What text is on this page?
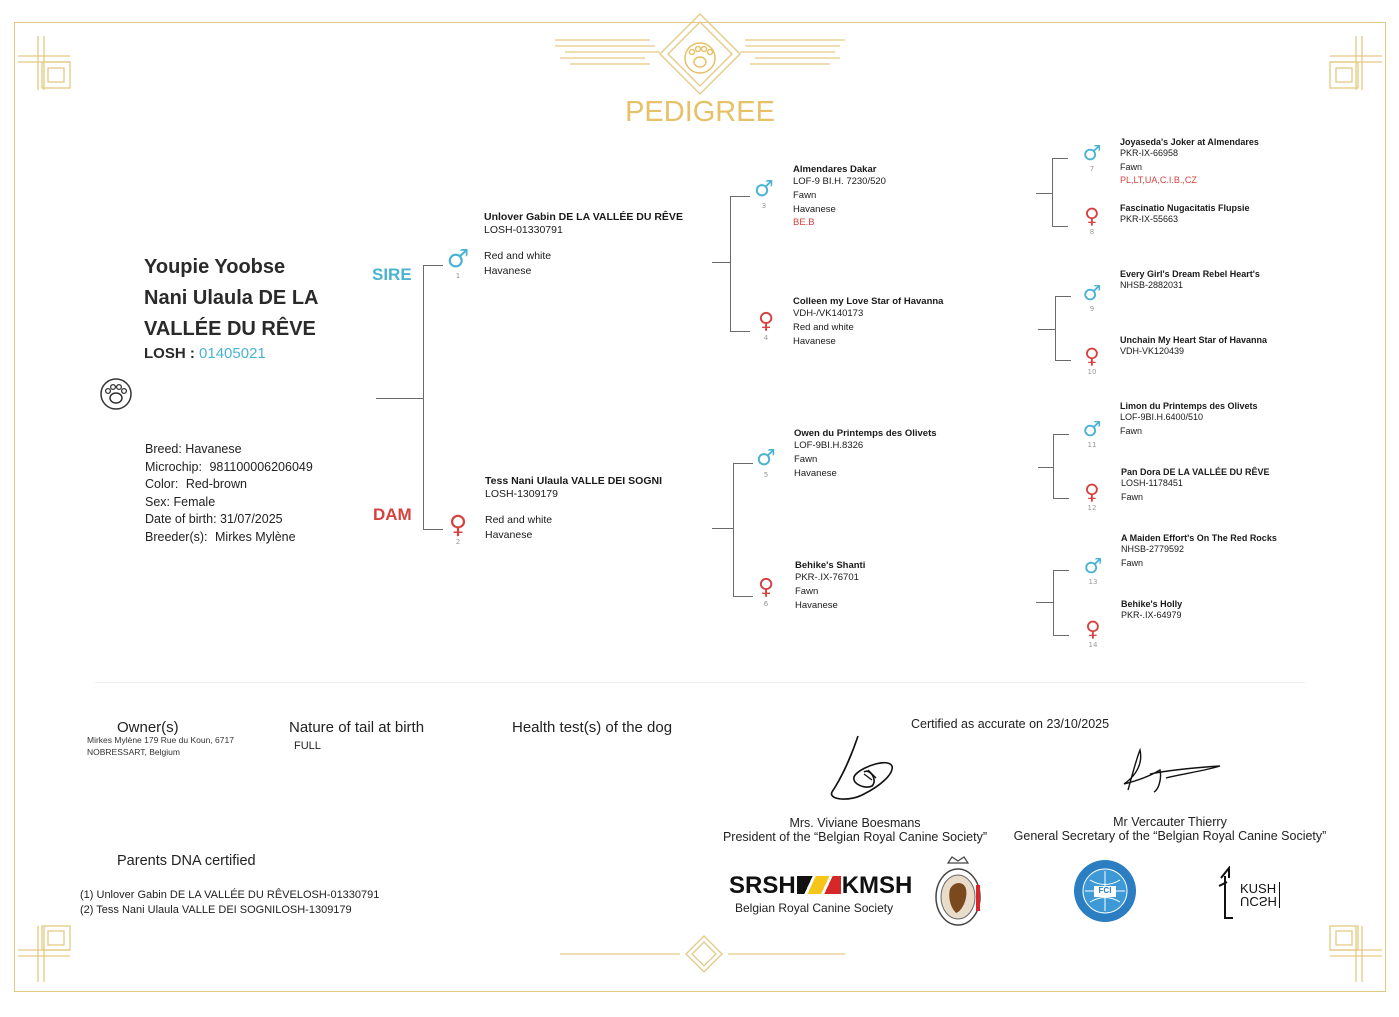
PEDIGREE
Youpie Yoobse
Nani Ulaula DE LA
VALLÉE DU RÊVE
LOSH : 01405021
Breed: Havanese
Microchip: 981100006206049
Color: Red-brown
Sex: Female
Date of birth: 31/07/2025
Breeder(s): Mirkes Mylène
SIRE
DAM
♂
1
Unlover Gabin DE LA VALLÉE DU RÊVE
LOSH-01330791
Red and white
Havanese
♀
2
Tess Nani Ulaula VALLE DEI SOGNI
LOSH-1309179
Red and white
Havanese
♂
3
Almendares Dakar
LOF-9 BI.H. 7230/520
Fawn
Havanese
BE.B
♀
4
Colleen my Love Star of Havanna
VDH-/VK140173
Red and white
Havanese
♂
5
Owen du Printemps des Olivets
LOF-9BI.H.8326
Fawn
Havanese
♀
6
Behike's Shanti
PKR-.IX-76701
Fawn
Havanese
♂
7
Joyaseda's Joker at Almendares
PKR-IX-66958
Fawn
PL,LT,UA,C.I.B.,CZ
♀
8
Fascinatio Nugacitatis Flupsie
PKR-IX-55663
♂
9
Every Girl's Dream Rebel Heart's
NHSB-2882031
♀
10
Unchain My Heart Star of Havanna
VDH-VK120439
♂
11
Limon du Printemps des Olivets
LOF-9BI.H.6400/510
Fawn
♀
12
Pan Dora DE LA VALLÉE DU RÊVE
LOSH-1178451
Fawn
♂
13
A Maiden Effort's On The Red Rocks
NHSB-2779592
Fawn
♀
14
Behike's Holly
PKR-.IX-64979
Owner(s)
Mirkes Mylène 179 Rue du Koun, 6717
NOBRESSART, Belgium
Nature of tail at birth
FULL
Health test(s) of the dog	Certified as accurate on 23/10/2025
Mrs. Viviane Boesmans
President of the “Belgian Royal Canine Society”
Mr Vercauter Thierry
General Secretary of the “Belgian Royal Canine Society”
Parents DNA certified
(1) Unlover Gabin DE LA VALLÉE DU RÊVELOSH-01330791
(2) Tess Nani Ulaula VALLE DEI SOGNILOSH-1309179
SRSH KMSH
Belgian Royal Canine Society
FCI	KUSH
UCSH
